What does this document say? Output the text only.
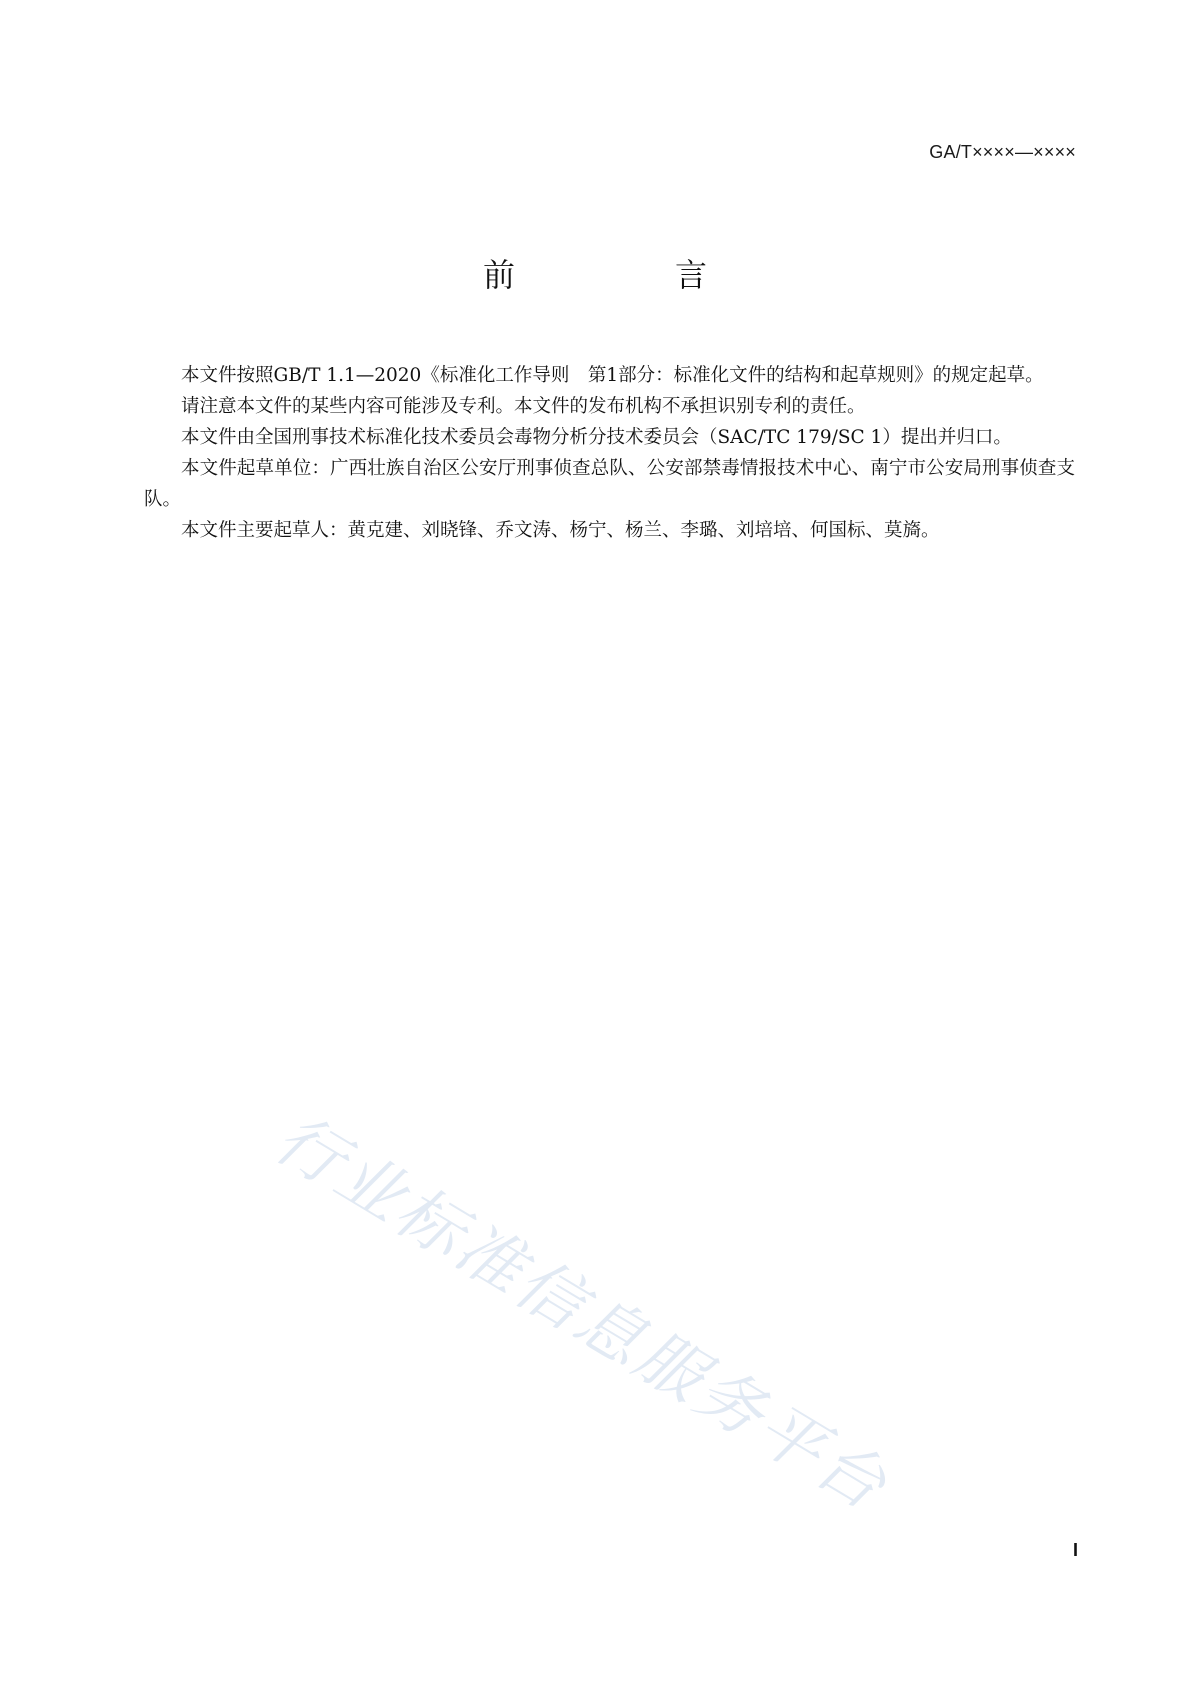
GA/T××××—××××
前　言

本文件按照GB/T 1.1—2020《标准化工作导则　第1部分：标准化文件的结构和起草规则》的规定起草。

请注意本文件的某些内容可能涉及专利。本文件的发布机构不承担识别专利的责任。

本文件由全国刑事技术标准化技术委员会毒物分析分技术委员会（SAC/TC 179/SC 1）提出并归口。

本文件起草单位：广西壮族自治区公安厅刑事侦查总队、公安部禁毒情报技术中心、南宁市公安局刑事侦查支队。

本文件主要起草人：黄克建、刘晓锋、乔文涛、杨宁、杨兰、李璐、刘培培、何国标、莫旖。

行业标准信息服务平台
I
